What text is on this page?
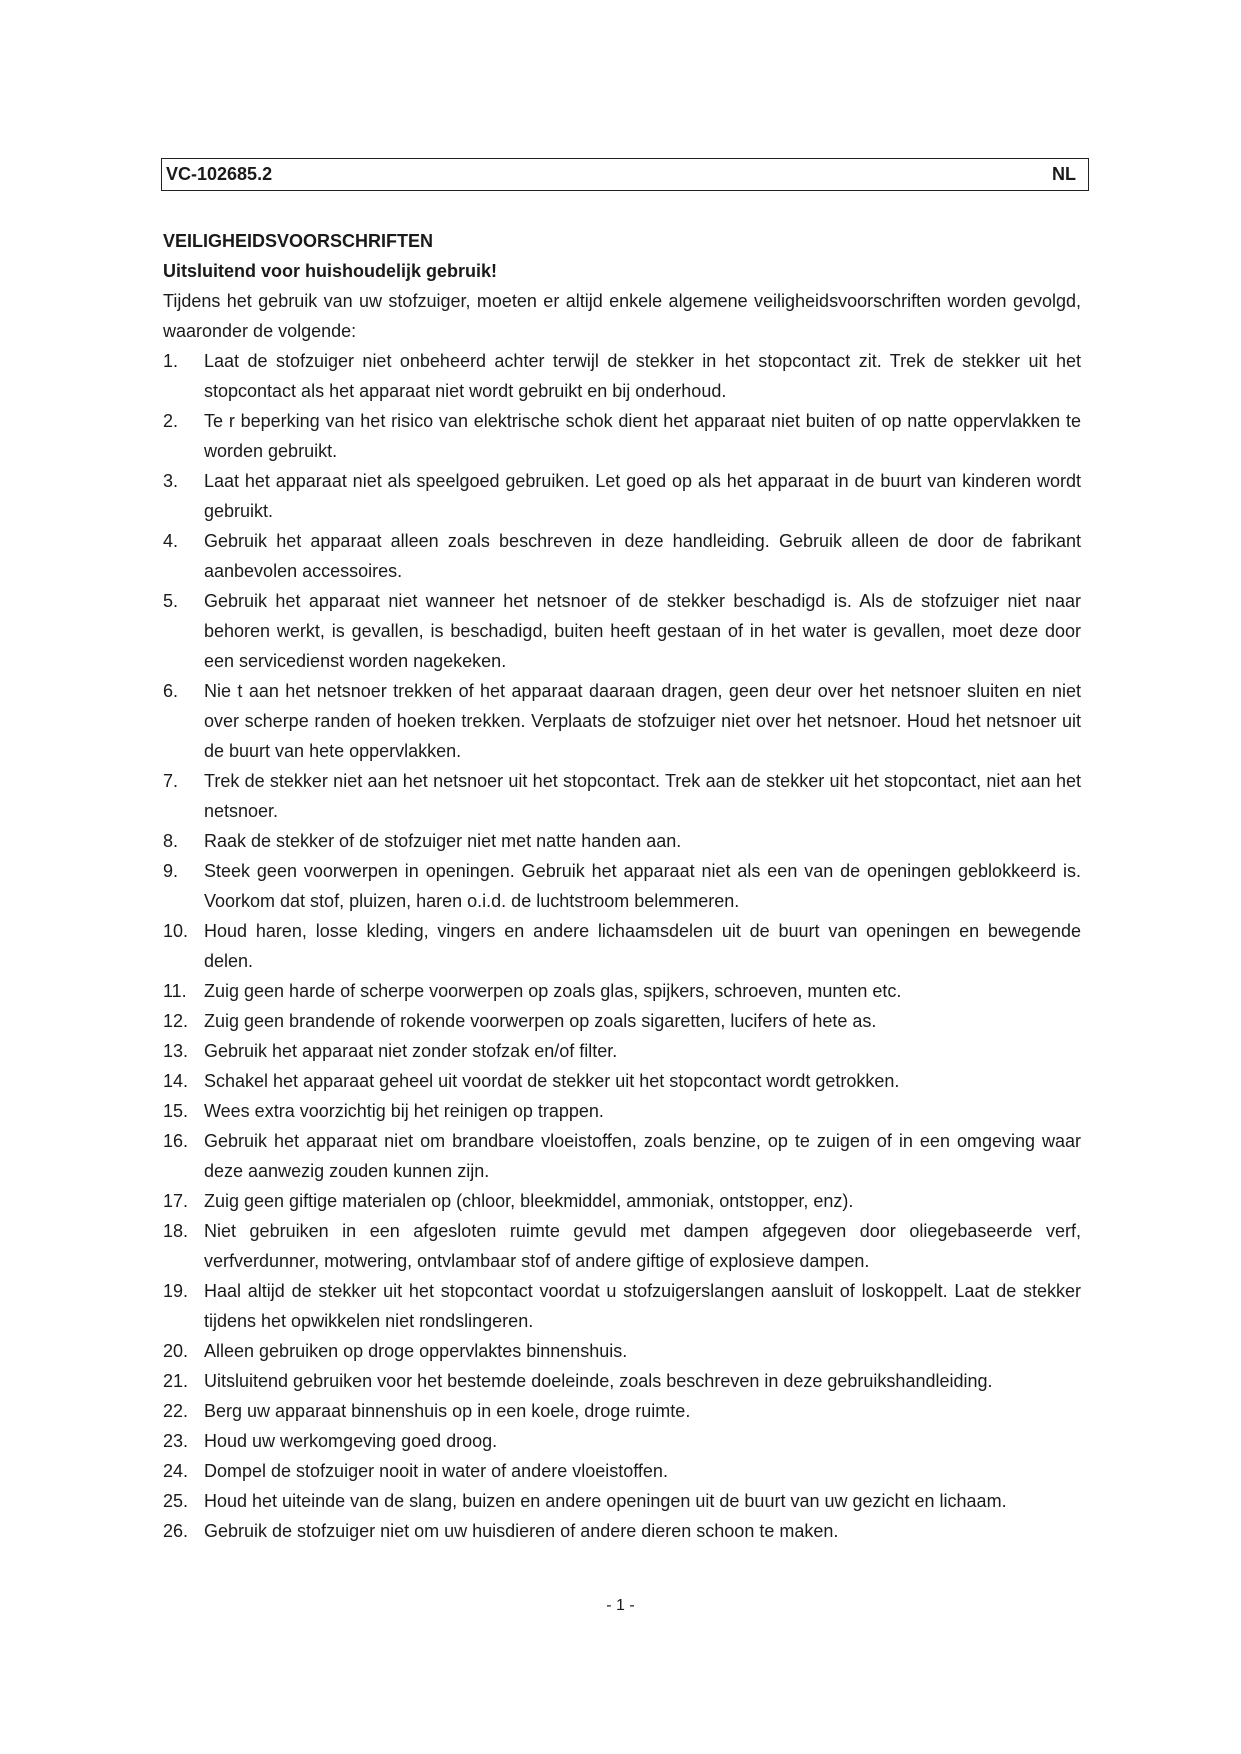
VC-102685.2	NL
VEILIGHEIDSVOORSCHRIFTEN
Uitsluitend voor huishoudelijk gebruik!
Tijdens het gebruik van uw stofzuiger, moeten er altijd enkele algemene veiligheidsvoorschriften worden gevolgd, waaronder de volgende:
1. Laat de stofzuiger niet onbeheerd achter terwijl de stekker in het stopcontact zit. Trek de stekker uit het stopcontact als het apparaat niet wordt gebruikt en bij onderhoud.
2. Te r beperking van het risico van elektrische schok dient het apparaat niet buiten of op natte oppervlakken te worden gebruikt.
3. Laat het apparaat niet als speelgoed gebruiken. Let goed op als het apparaat in de buurt van kinderen wordt gebruikt.
4. Gebruik het apparaat alleen zoals beschreven in deze handleiding. Gebruik alleen de door de fabrikant aanbevolen accessoires.
5. Gebruik het apparaat niet wanneer het netsnoer of de stekker beschadigd is. Als de stofzuiger niet naar behoren werkt, is gevallen, is beschadigd, buiten heeft gestaan of in het water is gevallen, moet deze door een servicedienst worden nagekeken.
6. Nie t aan het netsnoer trekken of het apparaat daaraan dragen, geen deur over het netsnoer sluiten en niet over scherpe randen of hoeken trekken. Verplaats de stofzuiger niet over het netsnoer. Houd het netsnoer uit de buurt van hete oppervlakken.
7. Trek de stekker niet aan het netsnoer uit het stopcontact. Trek aan de stekker uit het stopcontact, niet aan het netsnoer.
8. Raak de stekker of de stofzuiger niet met natte handen aan.
9. Steek geen voorwerpen in openingen. Gebruik het apparaat niet als een van de openingen geblokkeerd is. Voorkom dat stof, pluizen, haren o.i.d. de luchtstroom belemmeren.
10. Houd haren, losse kleding, vingers en andere lichaamsdelen uit de buurt van openingen en bewegende delen.
11. Zuig geen harde of scherpe voorwerpen op zoals glas, spijkers, schroeven, munten etc.
12. Zuig geen brandende of rokende voorwerpen op zoals sigaretten, lucifers of hete as.
13. Gebruik het apparaat niet zonder stofzak en/of filter.
14. Schakel het apparaat geheel uit voordat de stekker uit het stopcontact wordt getrokken.
15. Wees extra voorzichtig bij het reinigen op trappen.
16. Gebruik het apparaat niet om brandbare vloeistoffen, zoals benzine, op te zuigen of in een omgeving waar deze aanwezig zouden kunnen zijn.
17. Zuig geen giftige materialen op (chloor, bleekmiddel, ammoniak, ontstopper, enz).
18. Niet gebruiken in een afgesloten ruimte gevuld met dampen afgegeven door oliegebaseerde verf, verfverdunner, motwering, ontvlambaar stof of andere giftige of explosieve dampen.
19. Haal altijd de stekker uit het stopcontact voordat u stofzuigerslangen aansluit of loskoppelt. Laat de stekker tijdens het opwikkelen niet rondslingeren.
20. Alleen gebruiken op droge oppervlaktes binnenshuis.
21. Uitsluitend gebruiken voor het bestemde doeleinde, zoals beschreven in deze gebruikshandleiding.
22. Berg uw apparaat binnenshuis op in een koele, droge ruimte.
23. Houd uw werkomgeving goed droog.
24. Dompel de stofzuiger nooit in water of andere vloeistoffen.
25. Houd het uiteinde van de slang, buizen en andere openingen uit de buurt van uw gezicht en lichaam.
26. Gebruik de stofzuiger niet om uw huisdieren of andere dieren schoon te maken.
- 1 -
